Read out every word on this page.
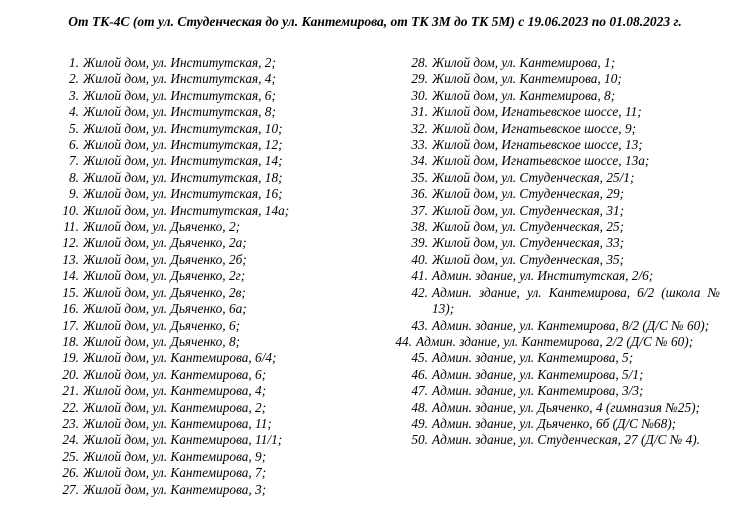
От ТК-4С (от ул. Студенческая до ул. Кантемирова, от ТК 3М до ТК 5М) с 19.06.2023 по 01.08.2023 г.
1. Жилой дом, ул. Институтская, 2;
2. Жилой дом, ул. Институтская, 4;
3. Жилой дом, ул. Институтская, 6;
4. Жилой дом, ул. Институтская, 8;
5. Жилой дом, ул. Институтская, 10;
6. Жилой дом, ул. Институтская, 12;
7. Жилой дом, ул. Институтская, 14;
8. Жилой дом, ул. Институтская, 18;
9. Жилой дом, ул. Институтская, 16;
10. Жилой дом, ул. Институтская, 14а;
11. Жилой дом, ул. Дьяченко, 2;
12. Жилой дом, ул. Дьяченко, 2а;
13. Жилой дом, ул. Дьяченко, 2б;
14. Жилой дом, ул. Дьяченко, 2г;
15. Жилой дом, ул. Дьяченко, 2в;
16. Жилой дом, ул. Дьяченко, 6а;
17. Жилой дом, ул. Дьяченко, 6;
18. Жилой дом, ул. Дьяченко, 8;
19. Жилой дом, ул. Кантемирова, 6/4;
20. Жилой дом, ул. Кантемирова, 6;
21. Жилой дом, ул. Кантемирова, 4;
22. Жилой дом, ул. Кантемирова, 2;
23. Жилой дом, ул. Кантемирова, 11;
24. Жилой дом, ул. Кантемирова, 11/1;
25. Жилой дом, ул. Кантемирова, 9;
26. Жилой дом, ул. Кантемирова, 7;
27. Жилой дом, ул. Кантемирова, 3;
28. Жилой дом, ул. Кантемирова, 1;
29. Жилой дом, ул. Кантемирова, 10;
30. Жилой дом, ул. Кантемирова, 8;
31. Жилой дом, Игнатьевское шоссе, 11;
32. Жилой дом, Игнатьевское шоссе, 9;
33. Жилой дом, Игнатьевское шоссе, 13;
34. Жилой дом, Игнатьевское шоссе, 13а;
35. Жилой дом, ул. Студенческая, 25/1;
36. Жилой дом, ул. Студенческая, 29;
37. Жилой дом, ул. Студенческая, 31;
38. Жилой дом, ул. Студенческая, 25;
39. Жилой дом, ул. Студенческая, 33;
40. Жилой дом, ул. Студенческая, 35;
41. Админ. здание, ул. Институтская, 2/6;
42. Админ. здание, ул. Кантемирова, 6/2 (школа № 13);
43. Админ. здание, ул. Кантемирова, 8/2 (Д/С № 60);
44. Админ. здание, ул. Кантемирова, 2/2 (Д/С № 60);
45. Админ. здание, ул. Кантемирова, 5;
46. Админ. здание, ул. Кантемирова, 5/1;
47. Админ. здание, ул. Кантемирова, 3/3;
48. Админ. здание, ул. Дьяченко, 4 (гимназия №25);
49. Админ. здание, ул. Дьяченко, 6б (Д/С №68);
50. Админ. здание, ул. Студенческая, 27 (Д/С № 4).
